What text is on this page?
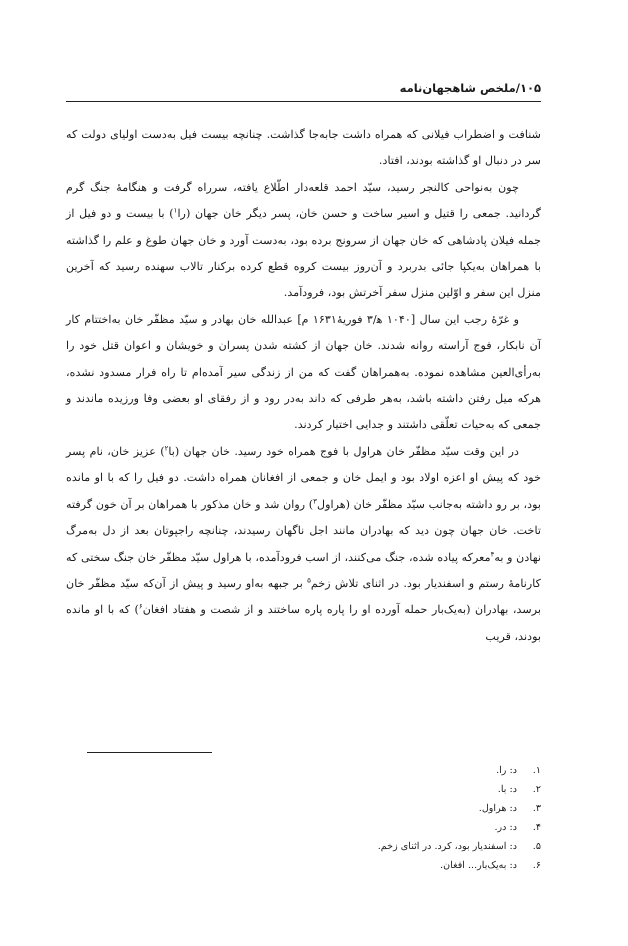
۱۰۵/ملخص شاهجهان‌نامه

شنافت و اضطراب فیلانی که همراه داشت جابه‌جا گذاشت. چنانچه بیست فیل به‌دست اولیای دولت که سر در دنبال او گذاشته بودند، افتاد.

چون به‌نواحی کالنجر رسید، سیّد احمد قلعه‌دار اطّلاع یافته، سرراه گرفت و هنگامهٔ جنگ گرم گردانید. جمعی را قتیل و اسیر ساخت و حسن خان، پسر دیگر خان جهان (را$^۱$) با بیست و دو فیل از جمله فیلان پادشاهی که خان جهان از سرونج برده بود، به‌دست آورد و خان جهان طوغ و علم را گذاشته با همراهان به‌یکپا جائی بدربرد و آن‌روز بیست کروه قطع کرده برکنار تالاب سهنده رسید که آخرین منزل این سفر و اوّلین منزل سفر آخرتش بود، فرودآمد.

و غرّهٔ رجب این سال [۱۰۴۰ ه‍/۳ فوریهٔ۱۶۳۱ م] عبدالله خان بهادر و سیّد مظفّر خان به‌اختتام کار آن نابکار، فوج آراسته روانه شدند. خان جهان از کشته شدن پسران و خویشان و اعوان قتل خود را به‌رأی‌العین مشاهده نموده. به‌همراهان گفت که من از زندگی سیر آمده‌ام تا راه فرار مسدود نشده، هرکه میل رفتن داشته باشد، به‌هر طرفی که داند به‌در رود و از رفقای او بعضی وفا ورزیده ماندند و جمعی که به‌حیات تعلّقی داشتند و جدایی اختیار کردند.

در این وقت سیّد مظفّر خان هراول با فوج همراه خود رسید. خان جهان (با$^۲$) عزیز خان، نام پسر خود که پیش او اعزه اولاد بود و ایمل خان و جمعی از افغانان همراه داشت. دو فیل را که با او مانده بود، بر رو داشته به‌جانب سیّد مظفّر خان (هراول$^۳$) روان شد و خان مذکور با همراهان بر آن خون گرفته تاخت. خان جهان چون دید که بهادران مانند اجل ناگهان رسیدند، چنانچه راجپوتان بعد از دل به‌مرگ نهادن و به$^۴$معرکه پیاده شده، جنگ می‌کنند، از اسب فرودآمده، با هراول سیّد مظفّر خان جنگ سختی که کارنامهٔ رستم و اسفندیار بود. در اثنای تلاش زخم$^۵$ بر جبهه به‌او رسید و پیش از آن‌که سیّد مظفّر خان برسد، بهادران (به‌یک‌بار حمله آورده او را پاره پاره ساختند و از شصت و هفتاد افغان$^۶$) که با او مانده بودند، قریب

۱.
د: را.
۲.
د: با.
۳.
د: هراول.
۴.
د: در.
۵.
د: اسفندیار بود، کرد. در اثنای زخم.
۶.
د: به‌یک‌بار... افغان.
